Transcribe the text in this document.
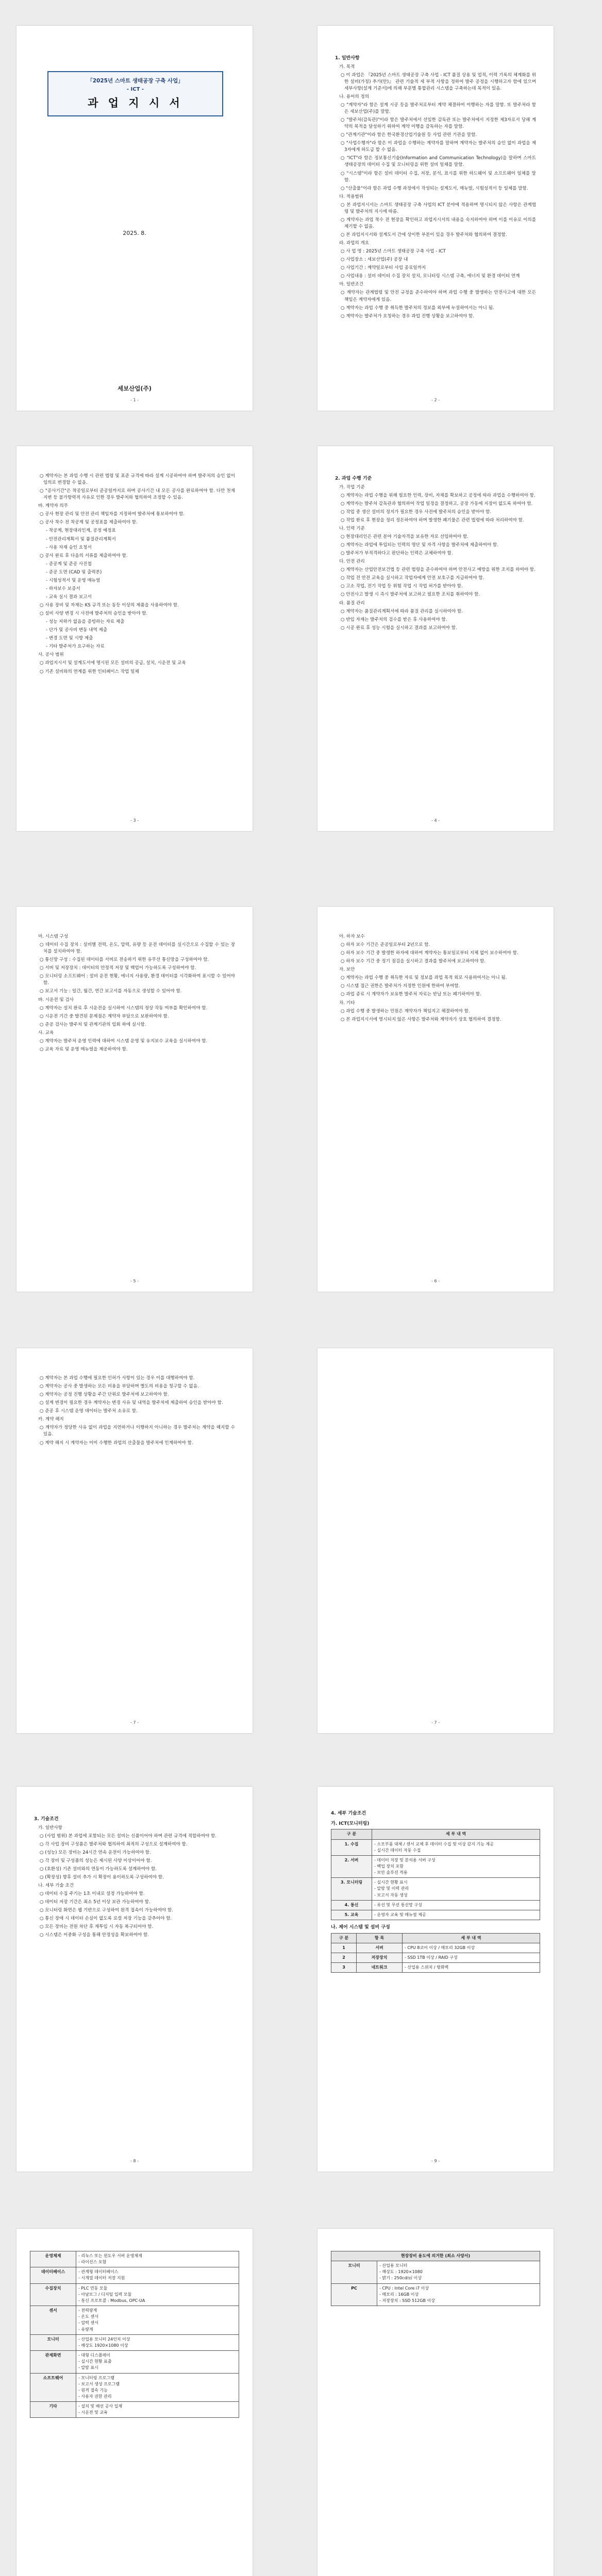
「2025년 스마트 생태공장 구축 사업」
- ICT -
과 업 지 시 서
2025. 8.
세보산업(주)
- 1 -

1. 일반사항

가. 목적

○ 이 과업은 『2025년 스마트 생태공장 구축 사업 - ICT 품질 상용 및 업적, 이력 기록의 체계화를 위한 설비(가칭) 추가(안)』 관련 기술적 세 부적 사항을 정하여 발주 공정을 시행하고자 함에 있으며 세부사항(설계 기준서)에 의해 부문별 통합관리 시스템을 구축하는데 목적이 있음.

나. 용어의 정의

○ "계약자"라 함은 설계 시공 등을 발주처로부터 계약 체결하여 이행하는 자를 말함. 또 발주처라 함은 세보산업(주)를 말함.

○ "발주처(감독관)"이라 함은 발주처에서 선임한 감독관 또는 발주처에서 지정한 제3자로서 당해 계약의 목적을 달성하기 위하여 계약 이행을 감독하는 자를 말함.

○ "관계기관"이라 함은 한국환경산업기술원 등 사업 관련 기관을 말함.

○ "사업수행자"라 함은 이 과업을 수행하는 계약자를 말하며 계약자는 발주처의 승인 없이 과업을 제3자에게 하도급 할 수 없음.

○ "ICT"라 함은 정보통신기술(Information and Communication Technology)을 말하며 스마트 생태공장의 데이터 수집 및 모니터링을 위한 설비 일체를 말함.

○ "시스템"이라 함은 설비 데이터 수집, 저장, 분석, 표시를 위한 하드웨어 및 소프트웨어 일체를 말함.

○ "산출물"이라 함은 과업 수행 과정에서 작성되는 설계도서, 매뉴얼, 시험성적서 등 일체를 말함.

다. 적용범위

○ 본 과업지시서는 스마트 생태공장 구축 사업의 ICT 분야에 적용하며 명시되지 않은 사항은 관계법령 및 발주처의 지시에 따름.

○ 계약자는 과업 착수 전 현장을 확인하고 과업지시서의 내용을 숙지하여야 하며 이를 이유로 이의를 제기할 수 없음.

○ 본 과업지시서와 설계도서 간에 상이한 부분이 있을 경우 발주처와 협의하여 결정함.

라. 과업의 개요

○ 사 업 명 : 2025년 스마트 생태공장 구축 사업 - ICT

○ 사업장소 : 세보산업(주) 공장 내

○ 사업기간 : 계약일로부터 사업 종료일까지

○ 사업내용 : 설비 데이터 수집 장치 설치, 모니터링 시스템 구축, 에너지 및 환경 데이터 연계

마. 일반조건

○ 계약자는 관계법령 및 안전 규정을 준수하여야 하며 과업 수행 중 발생하는 안전사고에 대한 모든 책임은 계약자에게 있음.

○ 계약자는 과업 수행 중 취득한 발주처의 정보를 외부에 누설하여서는 아니 됨.

○ 계약자는 발주처가 요청하는 경우 과업 진행 상황을 보고하여야 함.

- 2 -

○ 계약자는 본 과업 수행 시 관련 법령 및 표준 규격에 따라 설계 시공하여야 하며 발주처의 승인 없이 임의로 변경할 수 없음.

○ "공사기간"은 착공일로부터 준공일까지로 하며 공사기간 내 모든 공사를 완료하여야 함. 다만 천재지변 등 불가항력적 사유로 인한 경우 발주처와 협의하여 조정할 수 있음.

바. 계약자 의무

○ 공사 현장 관리 및 안전 관리 책임자를 지정하여 발주처에 통보하여야 함.

○ 공사 착수 전 착공계 및 공정표를 제출하여야 함.

- 착공계, 현장대리인계, 공정 예정표

- 안전관리계획서 및 품질관리계획서

- 사용 자재 승인 요청서

○ 공사 완료 후 다음의 서류를 제출하여야 함.

- 준공계 및 준공 사진첩

- 준공 도면 (CAD 및 출력본)

- 시험성적서 및 운영 매뉴얼

- 하자보수 보증서

- 교육 실시 결과 보고서

○ 사용 장비 및 자재는 KS 규격 또는 동등 이상의 제품을 사용하여야 함.

○ 설비 사양 변경 시 사전에 발주처의 승인을 받아야 함.

- 성능 저하가 없음을 증빙하는 자료 제출

- 단가 및 공사비 변동 내역 제출

- 변경 도면 및 시방 제출

- 기타 발주처가 요구하는 자료

사. 공사 범위

○ 과업지시서 및 설계도서에 명시된 모든 설비의 공급, 설치, 시운전 및 교육

○ 기존 설비와의 연계를 위한 인터페이스 작업 일체

- 3 -

2. 과업 수행 기준

가. 작업 기준

○ 계약자는 과업 수행을 위해 필요한 인력, 장비, 자재를 확보하고 공정에 따라 과업을 수행하여야 함.

○ 계약자는 발주처 감독관과 협의하여 작업 일정을 결정하고, 공장 가동에 지장이 없도록 하여야 함.

○ 작업 중 생산 설비의 정지가 필요한 경우 사전에 발주처의 승인을 받아야 함.

○ 작업 완료 후 현장을 정리 정돈하여야 하며 발생한 폐기물은 관련 법령에 따라 처리하여야 함.

나. 인력 기준

○ 현장대리인은 관련 분야 기술자격을 보유한 자로 선임하여야 함.

○ 계약자는 과업에 투입되는 인력의 명단 및 자격 사항을 발주처에 제출하여야 함.

○ 발주처가 부적격하다고 판단하는 인력은 교체하여야 함.

다. 안전 관리

○ 계약자는 산업안전보건법 등 관련 법령을 준수하여야 하며 안전사고 예방을 위한 조치를 하여야 함.

○ 작업 전 안전 교육을 실시하고 작업자에게 안전 보호구를 지급하여야 함.

○ 고소 작업, 전기 작업 등 위험 작업 시 작업 허가를 받아야 함.

○ 안전사고 발생 시 즉시 발주처에 보고하고 필요한 조치를 취하여야 함.

라. 품질 관리

○ 계약자는 품질관리계획서에 따라 품질 관리를 실시하여야 함.

○ 반입 자재는 발주처의 검수를 받은 후 사용하여야 함.

○ 시공 완료 후 성능 시험을 실시하고 결과를 보고하여야 함.

- 4 -

마. 시스템 구성

○ 데이터 수집 장치 : 설비별 전력, 온도, 압력, 유량 등 운전 데이터를 실시간으로 수집할 수 있는 장치를 설치하여야 함.

○ 통신망 구성 : 수집된 데이터를 서버로 전송하기 위한 유무선 통신망을 구성하여야 함.

○ 서버 및 저장장치 : 데이터의 안정적 저장 및 백업이 가능하도록 구성하여야 함.

○ 모니터링 소프트웨어 : 설비 운전 현황, 에너지 사용량, 환경 데이터를 시각화하여 표시할 수 있어야 함.

○ 보고서 기능 : 일간, 월간, 연간 보고서를 자동으로 생성할 수 있어야 함.

바. 시운전 및 검사

○ 계약자는 설치 완료 후 시운전을 실시하여 시스템의 정상 작동 여부를 확인하여야 함.

○ 시운전 기간 중 발견된 문제점은 계약자 부담으로 보완하여야 함.

○ 준공 검사는 발주처 및 관계기관의 입회 하에 실시함.

사. 교육

○ 계약자는 발주처 운영 인력에 대하여 시스템 운영 및 유지보수 교육을 실시하여야 함.

○ 교육 자료 및 운영 매뉴얼을 제공하여야 함.

- 5 -

아. 하자 보수

○ 하자 보수 기간은 준공일로부터 2년으로 함.

○ 하자 보수 기간 중 발생한 하자에 대하여 계약자는 통보일로부터 지체 없이 보수하여야 함.

○ 하자 보수 기간 중 정기 점검을 실시하고 결과를 발주처에 보고하여야 함.

자. 보안

○ 계약자는 과업 수행 중 취득한 자료 및 정보를 과업 목적 외로 사용하여서는 아니 됨.

○ 시스템 접근 권한은 발주처가 지정한 인원에 한하여 부여함.

○ 과업 종료 시 계약자가 보유한 발주처 자료는 반납 또는 폐기하여야 함.

차. 기타

○ 과업 수행 중 발생하는 민원은 계약자가 책임지고 해결하여야 함.

○ 본 과업지시서에 명시되지 않은 사항은 발주처와 계약자가 상호 협의하여 결정함.

- 6 -

○ 계약자는 본 과업 수행에 필요한 인허가 사항이 있는 경우 이를 대행하여야 함.

○ 계약자는 공사 중 발생하는 모든 비용을 부담하며 별도의 비용을 청구할 수 없음.

○ 계약자는 공정 진행 상황을 주간 단위로 발주처에 보고하여야 함.

○ 설계 변경이 필요한 경우 계약자는 변경 사유 및 내역을 발주처에 제출하여 승인을 받아야 함.

○ 준공 후 시스템 운영 데이터는 발주처 소유로 함.

카. 계약 해지

○ 계약자가 정당한 사유 없이 과업을 지연하거나 이행하지 아니하는 경우 발주처는 계약을 해지할 수 있음.

○ 계약 해지 시 계약자는 이미 수행한 과업의 산출물을 발주처에 인계하여야 함.

- 7 -	- 7 -

3. 기술조건

가. 일반사항

○ (사업 범위) 본 과업에 포함되는 모든 설비는 신품이어야 하며 관련 규격에 적합하여야 함.

○ 각 사업 장비 구성품은 발주처와 협의하여 최적의 구성으로 설계하여야 함.

○ (성능) 모든 장비는 24시간 연속 운전이 가능하여야 함.

○ 각 장비 및 구성품의 성능은 제시된 사양 이상이어야 함.

○ (호환성) 기존 설비와의 연동이 가능하도록 설계하여야 함.

○ (확장성) 향후 설비 추가 시 확장이 용이하도록 구성하여야 함.

나. 세부 기술 조건

○ 데이터 수집 주기는 1초 이내로 설정 가능하여야 함.

○ 데이터 저장 기간은 최소 5년 이상 보관 가능하여야 함.

○ 모니터링 화면은 웹 기반으로 구성하여 원격 접속이 가능하여야 함.

○ 통신 장애 시 데이터 손실이 없도록 로컬 저장 기능을 갖추어야 함.

○ 모든 장비는 전원 차단 후 재투입 시 자동 복구되어야 함.

○ 시스템은 이중화 구성을 통해 안정성을 확보하여야 함.

- 8 -
4. 세부 기술조건
가. ICT(모니터링)
구 분	세 부 내 역
1. 수집	- 소모부품 대체 / 센서 교체 후 데이터 수집 및 이상 감지 기능 제공
- 실시간 데이터 자동 수집

2. 서버	- 데이터 저장 및 분석용 서버 구성
- 백업 장치 포함
- 보안 솔루션 적용

3. 모니터링	- 실시간 현황 표시
- 알람 및 이력 관리
- 보고서 자동 생성

4. 통신	- 유선 및 무선 통신망 구성

5. 교육	- 운영자 교육 및 매뉴얼 제공
나. 제어 시스템 및 설비 구성
구 분	항 목	세 부 내 역
1	서버	- CPU 8코어 이상 / 메모리 32GB 이상
2	저장장치	- SSD 1TB 이상 / RAID 구성
3	네트워크	- 산업용 스위치 / 방화벽
- 9 -
운영체제	- 리눅스 또는 윈도우 서버 운영체제
- 라이선스 포함

데이터베이스	- 관계형 데이터베이스
- 시계열 데이터 저장 지원

수집장치	- PLC 연동 모듈
- 아날로그 / 디지털 입력 모듈
- 통신 프로토콜 : Modbus, OPC-UA

센서	- 전력량계
- 온도 센서
- 압력 센서
- 유량계

모니터	- 산업용 모니터 24인치 이상
- 해상도 1920×1080 이상

관제화면	- 대형 디스플레이
- 실시간 현황 표출
- 알람 표시

소프트웨어	- 모니터링 프로그램
- 보고서 생성 프로그램
- 원격 접속 기능
- 사용자 권한 관리

기타	- 설치 및 배선 공사 일체
- 시운전 및 교육
현장장비 용도에 의거한 (최소 사양서)	
모니터	- 산업용 모니터
- 해상도 : 1920×1080
- 밝기 : 250cd/㎡ 이상

PC	- CPU : Intel Core i7 이상
- 메모리 : 16GB 이상
- 저장장치 : SSD 512GB 이상
